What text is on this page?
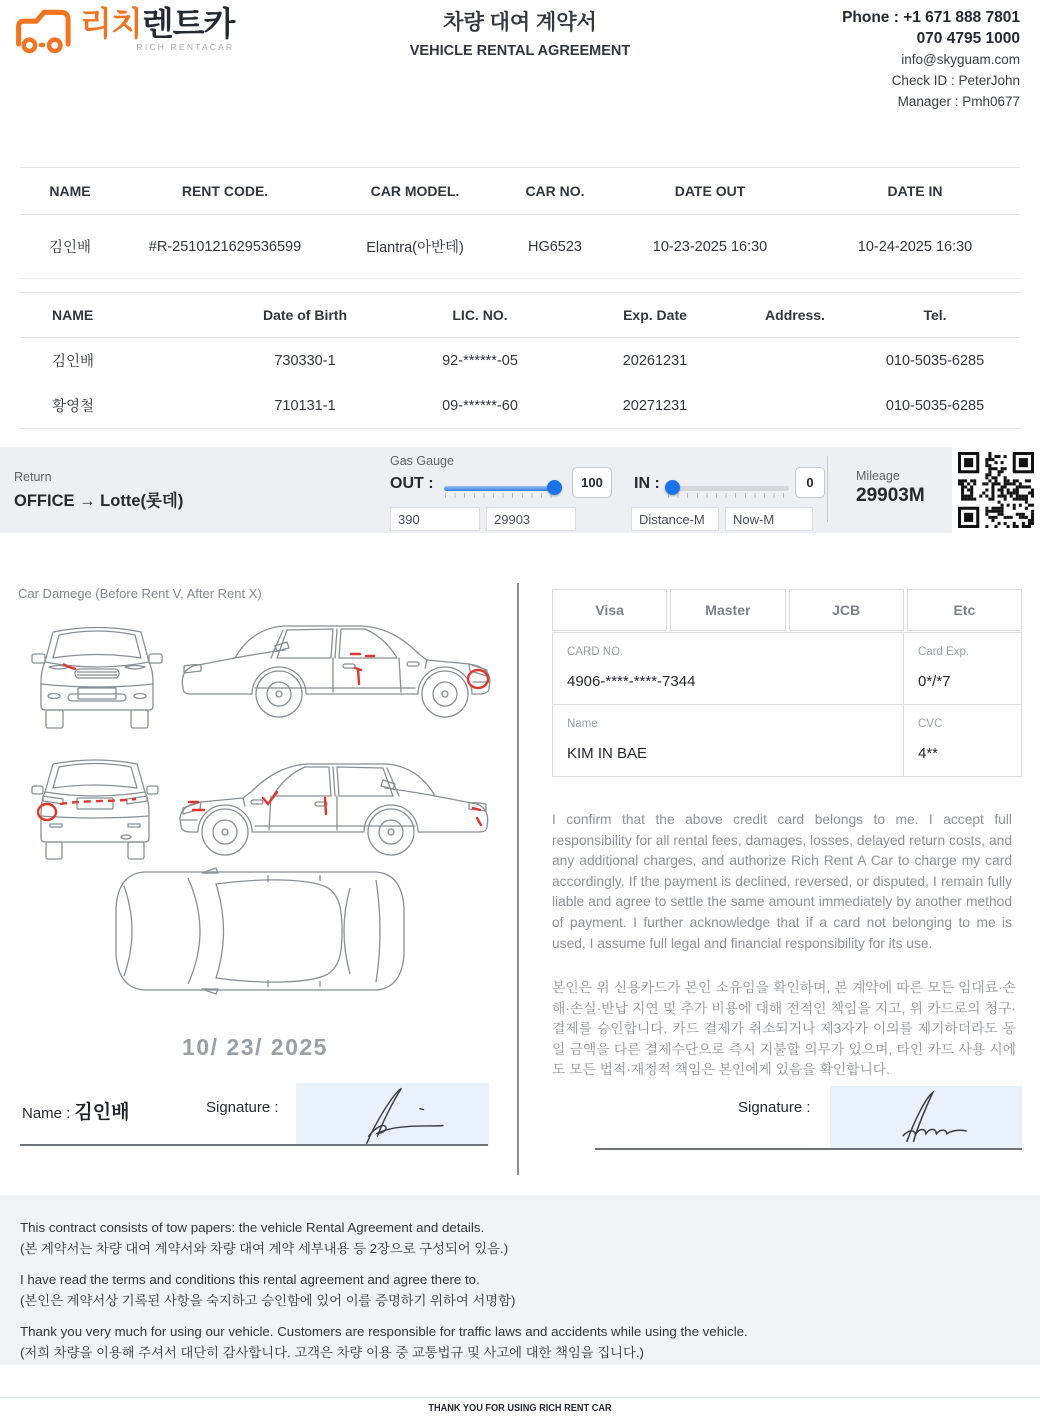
리치 렌트카
RICH RENTACAR
차량 대여 계약서
VEHICLE RENTAL AGREEMENT
Phone : +1 671 888 7801
070 4795 1000
info@skyguam.com
Check ID : PeterJohn
Manager : Pmh0677
NAME	RENT CODE.	CAR MODEL.	CAR NO.	DATE OUT	DATE IN
김인배	#R-2510121629536599	Elantra(아반테)	HG6523	10-23-2025 16:30	10-24-2025 16:30
NAME	Date of Birth	LIC. NO.	Exp. Date	Address.	Tel.
김인배	730330-1	92-******-05	20261231		010-5035-6285
황영철	710131-1	09-******-60	20271231		010-5035-6285
Return
OFFICE → Lotte(롯데)
Gas Gauge
OUT :	100	IN :	0
390
29903
Distance-M
Now-M	Mileage
29903M
Car Damege (Before Rent V, After Rent X)
Visa	Master	JCB	Etc
CARD NO.
4906-****-****-7344
Card Exp.
0*/*7
Name
KIM IN BAE
CVC
4**
I confirm that the above credit card belongs to me. I accept full responsibility for all rental fees, damages, losses, delayed return costs, and any additional charges, and authorize Rich Rent A Car to charge my card accordingly. If the payment is declined, reversed, or disputed, I remain fully liable and agree to settle the same amount immediately by another method of payment. I further acknowledge that if a card not belonging to me is used, I assume full legal and financial responsibility for its use.
본인은 위 신용카드가 본인 소유임을 확인하며, 본 계약에 따른 모든 임대료·손해·손실·반납 지연 및 추가 비용에 대해 전적인 책임을 지고, 위 카드로의 청구·결제를 승인합니다. 카드 결제가 취소되거나 제3자가 이의를 제기하더라도 동일 금액을 다른 결제수단으로 즉시 지불할 의무가 있으며, 타인 카드 사용 시에도 모든 법적·재정적 책임은 본인에게 있음을 확인합니다.
Signature :
10/ 23/ 2025
Name : 김인배	Signature :
This contract consists of tow papers: the vehicle Rental Agreement and details.
(본 계약서는 차량 대여 계약서와 차량 대여 계약 세부내용 등 2장으로 구성되어 있음.)
I have read the terms and conditions this rental agreement and agree there to.
(본인은 계약서상 기록된 사항을 숙지하고 승인함에 있어 이를 증명하기 위하여 서명함)
Thank you very much for using our vehicle. Customers are responsible for traffic laws and accidents while using the vehicle.
(저희 차량을 이용해 주셔서 대단히 감사합니다. 고객은 차량 이용 중 교통법규 및 사고에 대한 책임을 집니다.)
THANK YOU FOR USING RICH RENT CAR
